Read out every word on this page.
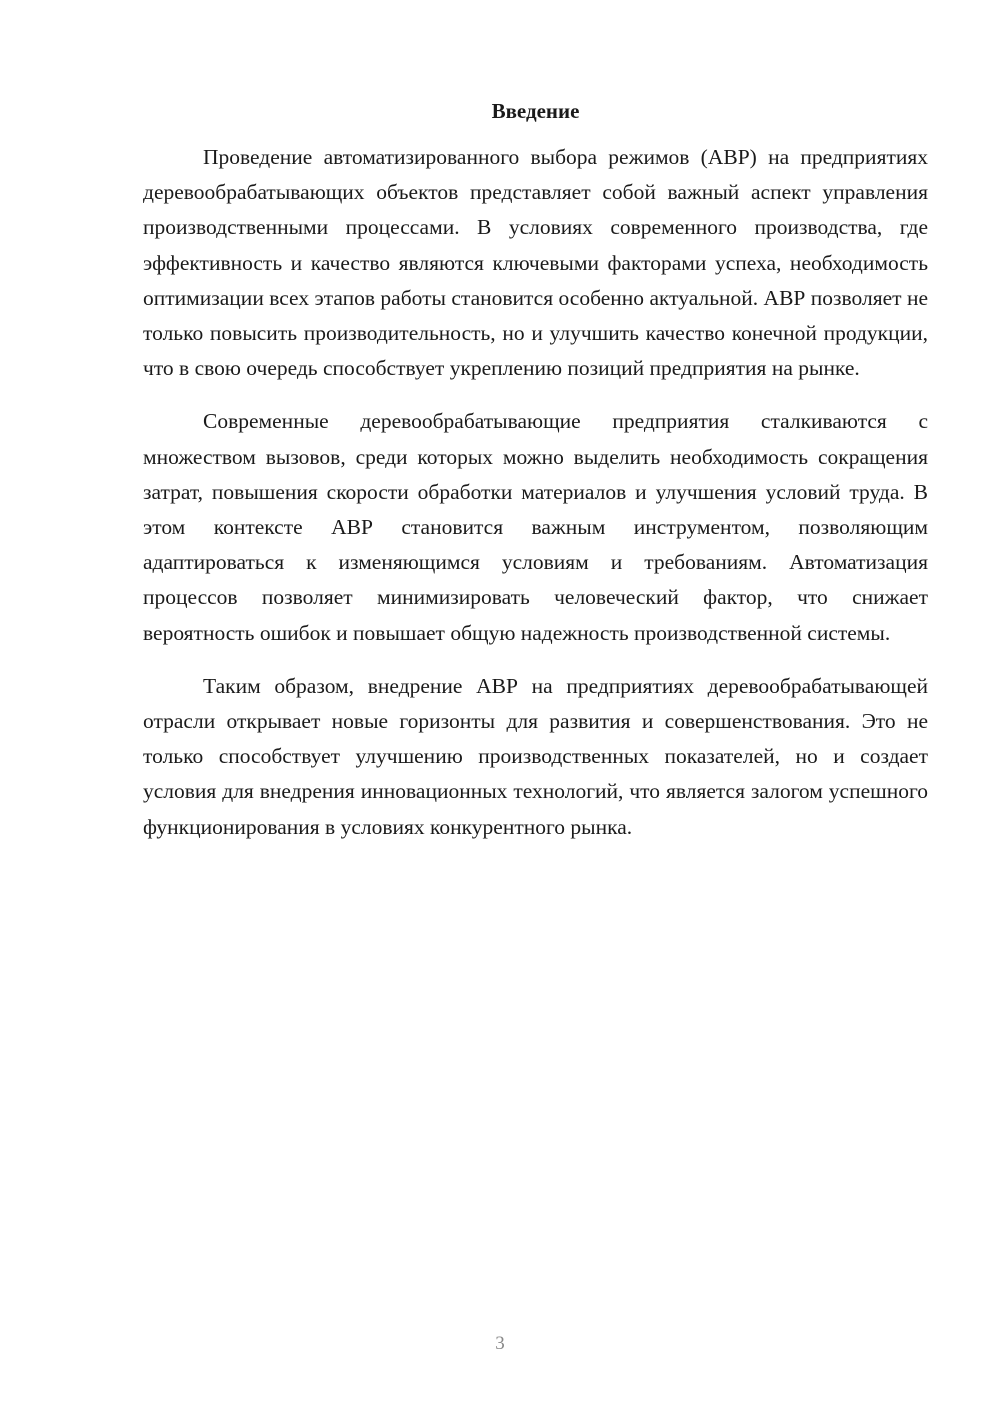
Введение

Проведение автоматизированного выбора режимов (АВР) на предприятиях деревообрабатывающих объектов представляет собой важный аспект управления производственными процессами. В условиях современного производства, где эффективность и качество являются ключевыми факторами успеха, необходимость оптимизации всех этапов работы становится особенно актуальной. АВР позволяет не только повысить производительность, но и улучшить качество конечной продукции, что в свою очередь способствует укреплению позиций предприятия на рынке.

Современные деревообрабатывающие предприятия сталкиваются с множеством вызовов, среди которых можно выделить необходимость сокращения затрат, повышения скорости обработки материалов и улучшения условий труда. В этом контексте АВР становится важным инструментом, позволяющим адаптироваться к изменяющимся условиям и требованиям. Автоматизация процессов позволяет минимизировать человеческий фактор, что снижает вероятность ошибок и повышает общую надежность производственной системы.

Таким образом, внедрение АВР на предприятиях деревообрабатывающей отрасли открывает новые горизонты для развития и совершенствования. Это не только способствует улучшению производственных показателей, но и создает условия для внедрения инновационных технологий, что является залогом успешного функционирования в условиях конкурентного рынка.

3
